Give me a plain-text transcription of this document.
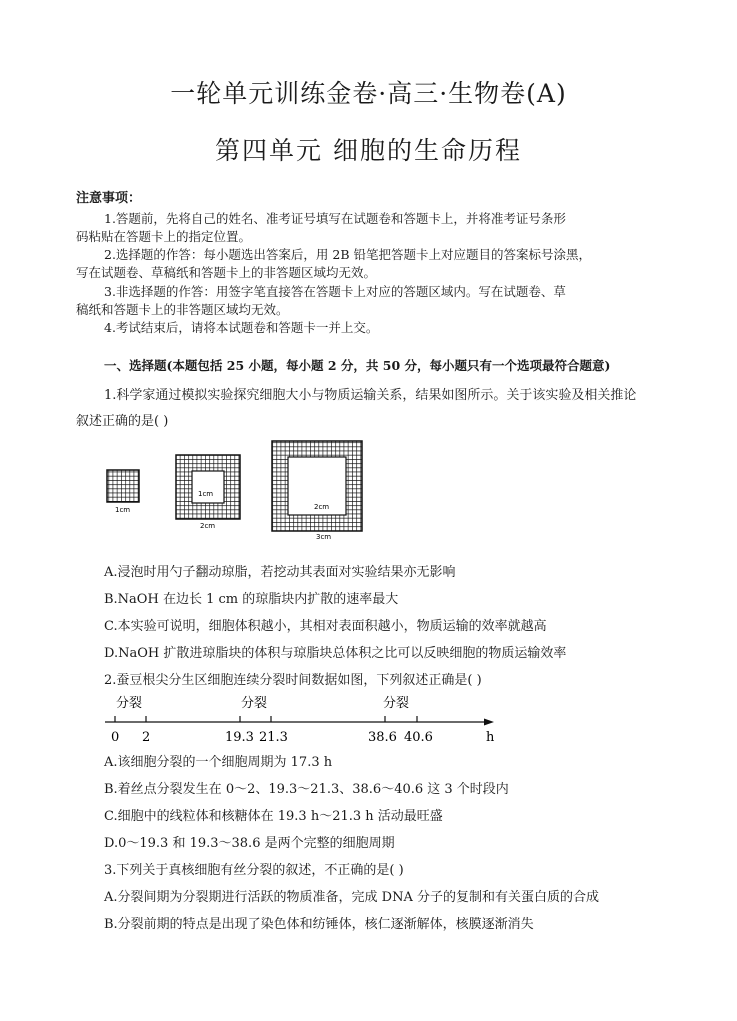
一轮单元训练金卷·高三·生物卷(A)
第四单元 细胞的生命历程
注意事项：
1.答题前，先将自己的姓名、准考证号填写在试题卷和答题卡上，并将准考证号条形
码粘贴在答题卡上的指定位置。
2.选择题的作答：每小题选出答案后，用 2B 铅笔把答题卡上对应题目的答案标号涂黑，
写在试题卷、草稿纸和答题卡上的非答题区域均无效。
3.非选择题的作答：用签字笔直接答在答题卡上对应的答题区域内。写在试题卷、草
稿纸和答题卡上的非答题区域均无效。
4.考试结束后，请将本试题卷和答题卡一并上交。
一、选择题(本题包括 25 小题，每小题 2 分，共 50 分，每小题只有一个选项最符合题意)
1.科学家通过模拟实验探究细胞大小与物质运输关系，结果如图所示。关于该实验及相关推论
叙述正确的是( )
1cm
1cm
2cm
2cm
3cm
A.浸泡时用勺子翻动琼脂，若挖动其表面对实验结果亦无影响
B.NaOH 在边长 1 cm 的琼脂块内扩散的速率最大
C.本实验可说明，细胞体积越小，其相对表面积越小，物质运输的效率就越高
D.NaOH 扩散进琼脂块的体积与琼脂块总体积之比可以反映细胞的物质运输效率
2.蚕豆根尖分生区细胞连续分裂时间数据如图，下列叙述正确是( )
分裂	分裂	分裂
0 2	19.3 21.3	38.6 40.6	h
A.该细胞分裂的一个细胞周期为 17.3 h
B.着丝点分裂发生在 0～2、19.3～21.3、38.6～40.6 这 3 个时段内
C.细胞中的线粒体和核糖体在 19.3 h～21.3 h 活动最旺盛
D.0～19.3 和 19.3～38.6 是两个完整的细胞周期
3.下列关于真核细胞有丝分裂的叙述，不正确的是( )
A.分裂间期为分裂期进行活跃的物质准备，完成 DNA 分子的复制和有关蛋白质的合成
B.分裂前期的特点是出现了染色体和纺锤体，核仁逐渐解体，核膜逐渐消失
